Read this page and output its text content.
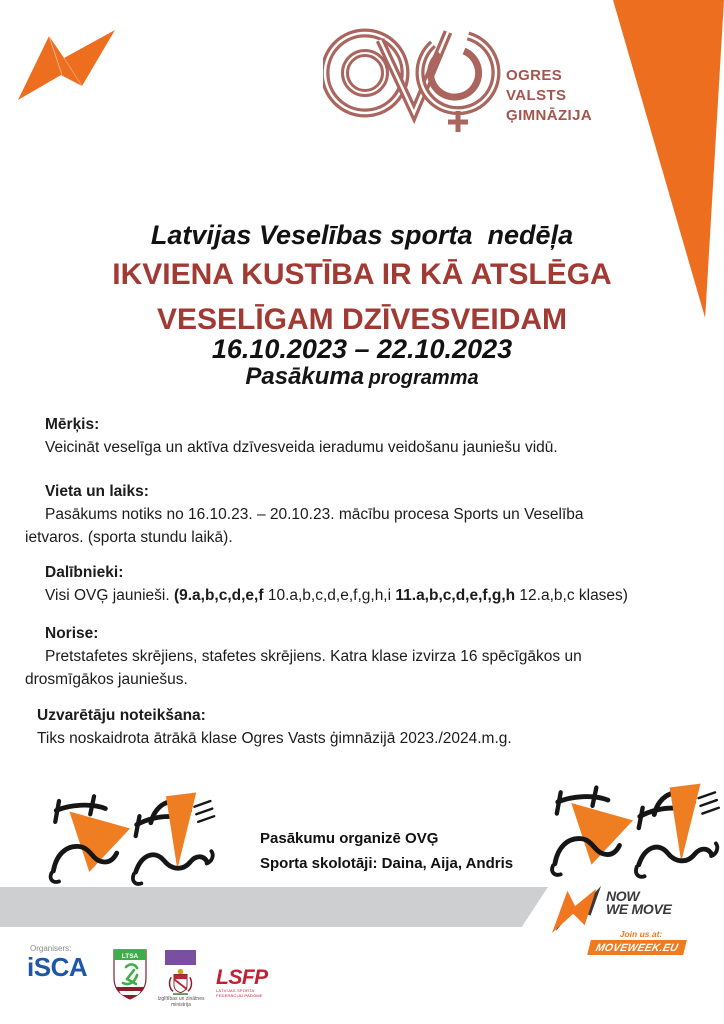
OGRES
VALSTS
ĢIMNĀZIJA

Latvijas Veselības sporta  nedēļa

16.10.2023 – 22.10.2023

IKVIENA KUSTĪBA IR KĀ ATSLĒGA
VESELĪGAM DZĪVESVEIDAM
Pasākuma programma
Mērķis:
Veicināt veselīga un aktīva dzīvesveida ieradumu veidošanu jauniešu vidū.
Vieta un laiks:
Pasākums notiks no 16.10.23. – 20.10.23. mācību procesa Sports un Veselība
ietvaros. (sporta stundu laikā).
Dalībnieki:
Visi OVĢ jaunieši. (9.a,b,c,d,e,f 10.a,b,c,d,e,f,g,h,i 11.a,b,c,d,e,f,g,h 12.a,b,c klases)
Norise:
Pretstafetes skrējiens, stafetes skrējiens. Katra klase izvirza 16 spēcīgākos un
drosmīgākos jauniešus.
Uzvarētāju noteikšana:
Tiks noskaidrota ātrākā klase Ogres Vasts ģimnāzijā 2023./2024.m.g.
Pasākumu organizē OVĢ
Sporta skolotāji: Daina, Aija, Andris
NOW
WE MOVE
Join us at:
MOVEWEEK.EU
Organisers:
iSCA	LTSA
Izglītības un zinātnes
ministrija
LSFP
LATVIJAS SPORTA FEDERĀCIJU PADOME
